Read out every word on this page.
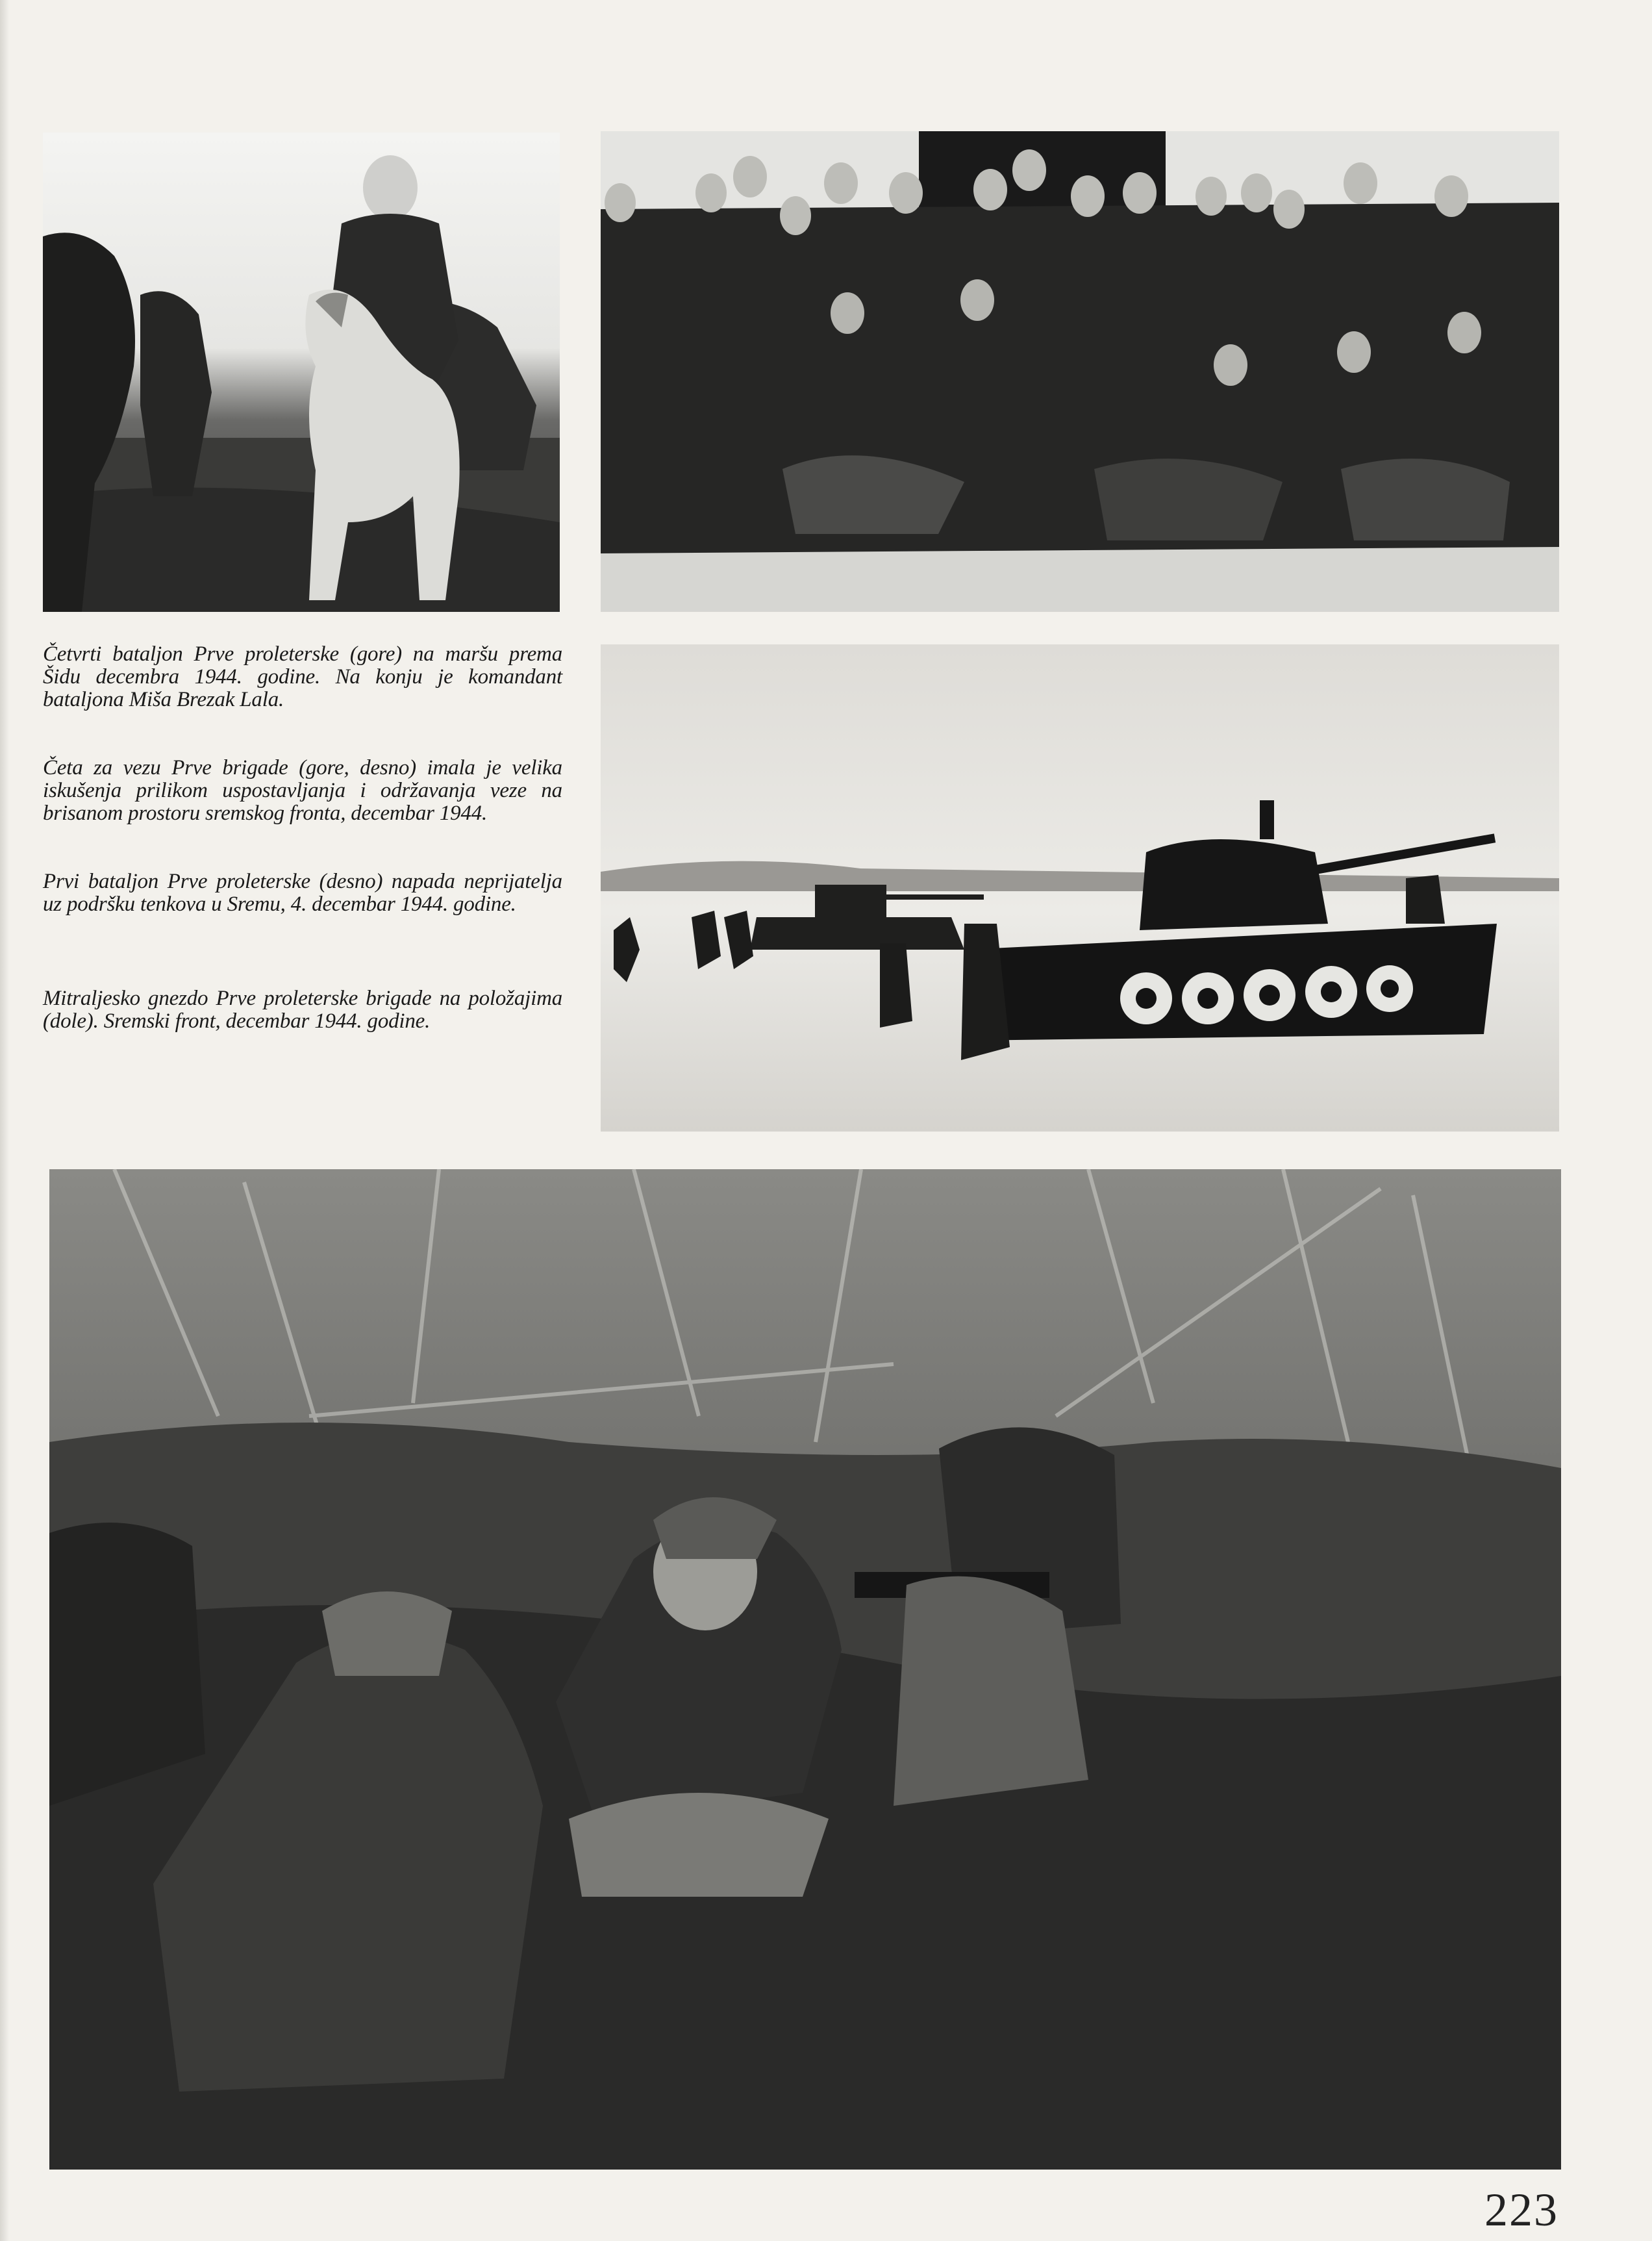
Četvrti bataljon Prve proleterske (gore) na maršu prema Šidu decembra 1944. godine. Na konju je komandant bataljona Miša Brezak Lala.

Četa za vezu Prve brigade (gore, desno) imala je velika iskušenja prilikom uspostavljanja i održavanja veze na brisanom prostoru sremskog fronta, decembar 1944.

Prvi bataljon Prve proleterske (desno) napada neprijatelja uz podršku tenkova u Sremu, 4. decembar 1944. godine.

Mitraljesko gnezdo Prve proleterske brigade na položajima (dole). Sremski front, decembar 1944. godine.

223
